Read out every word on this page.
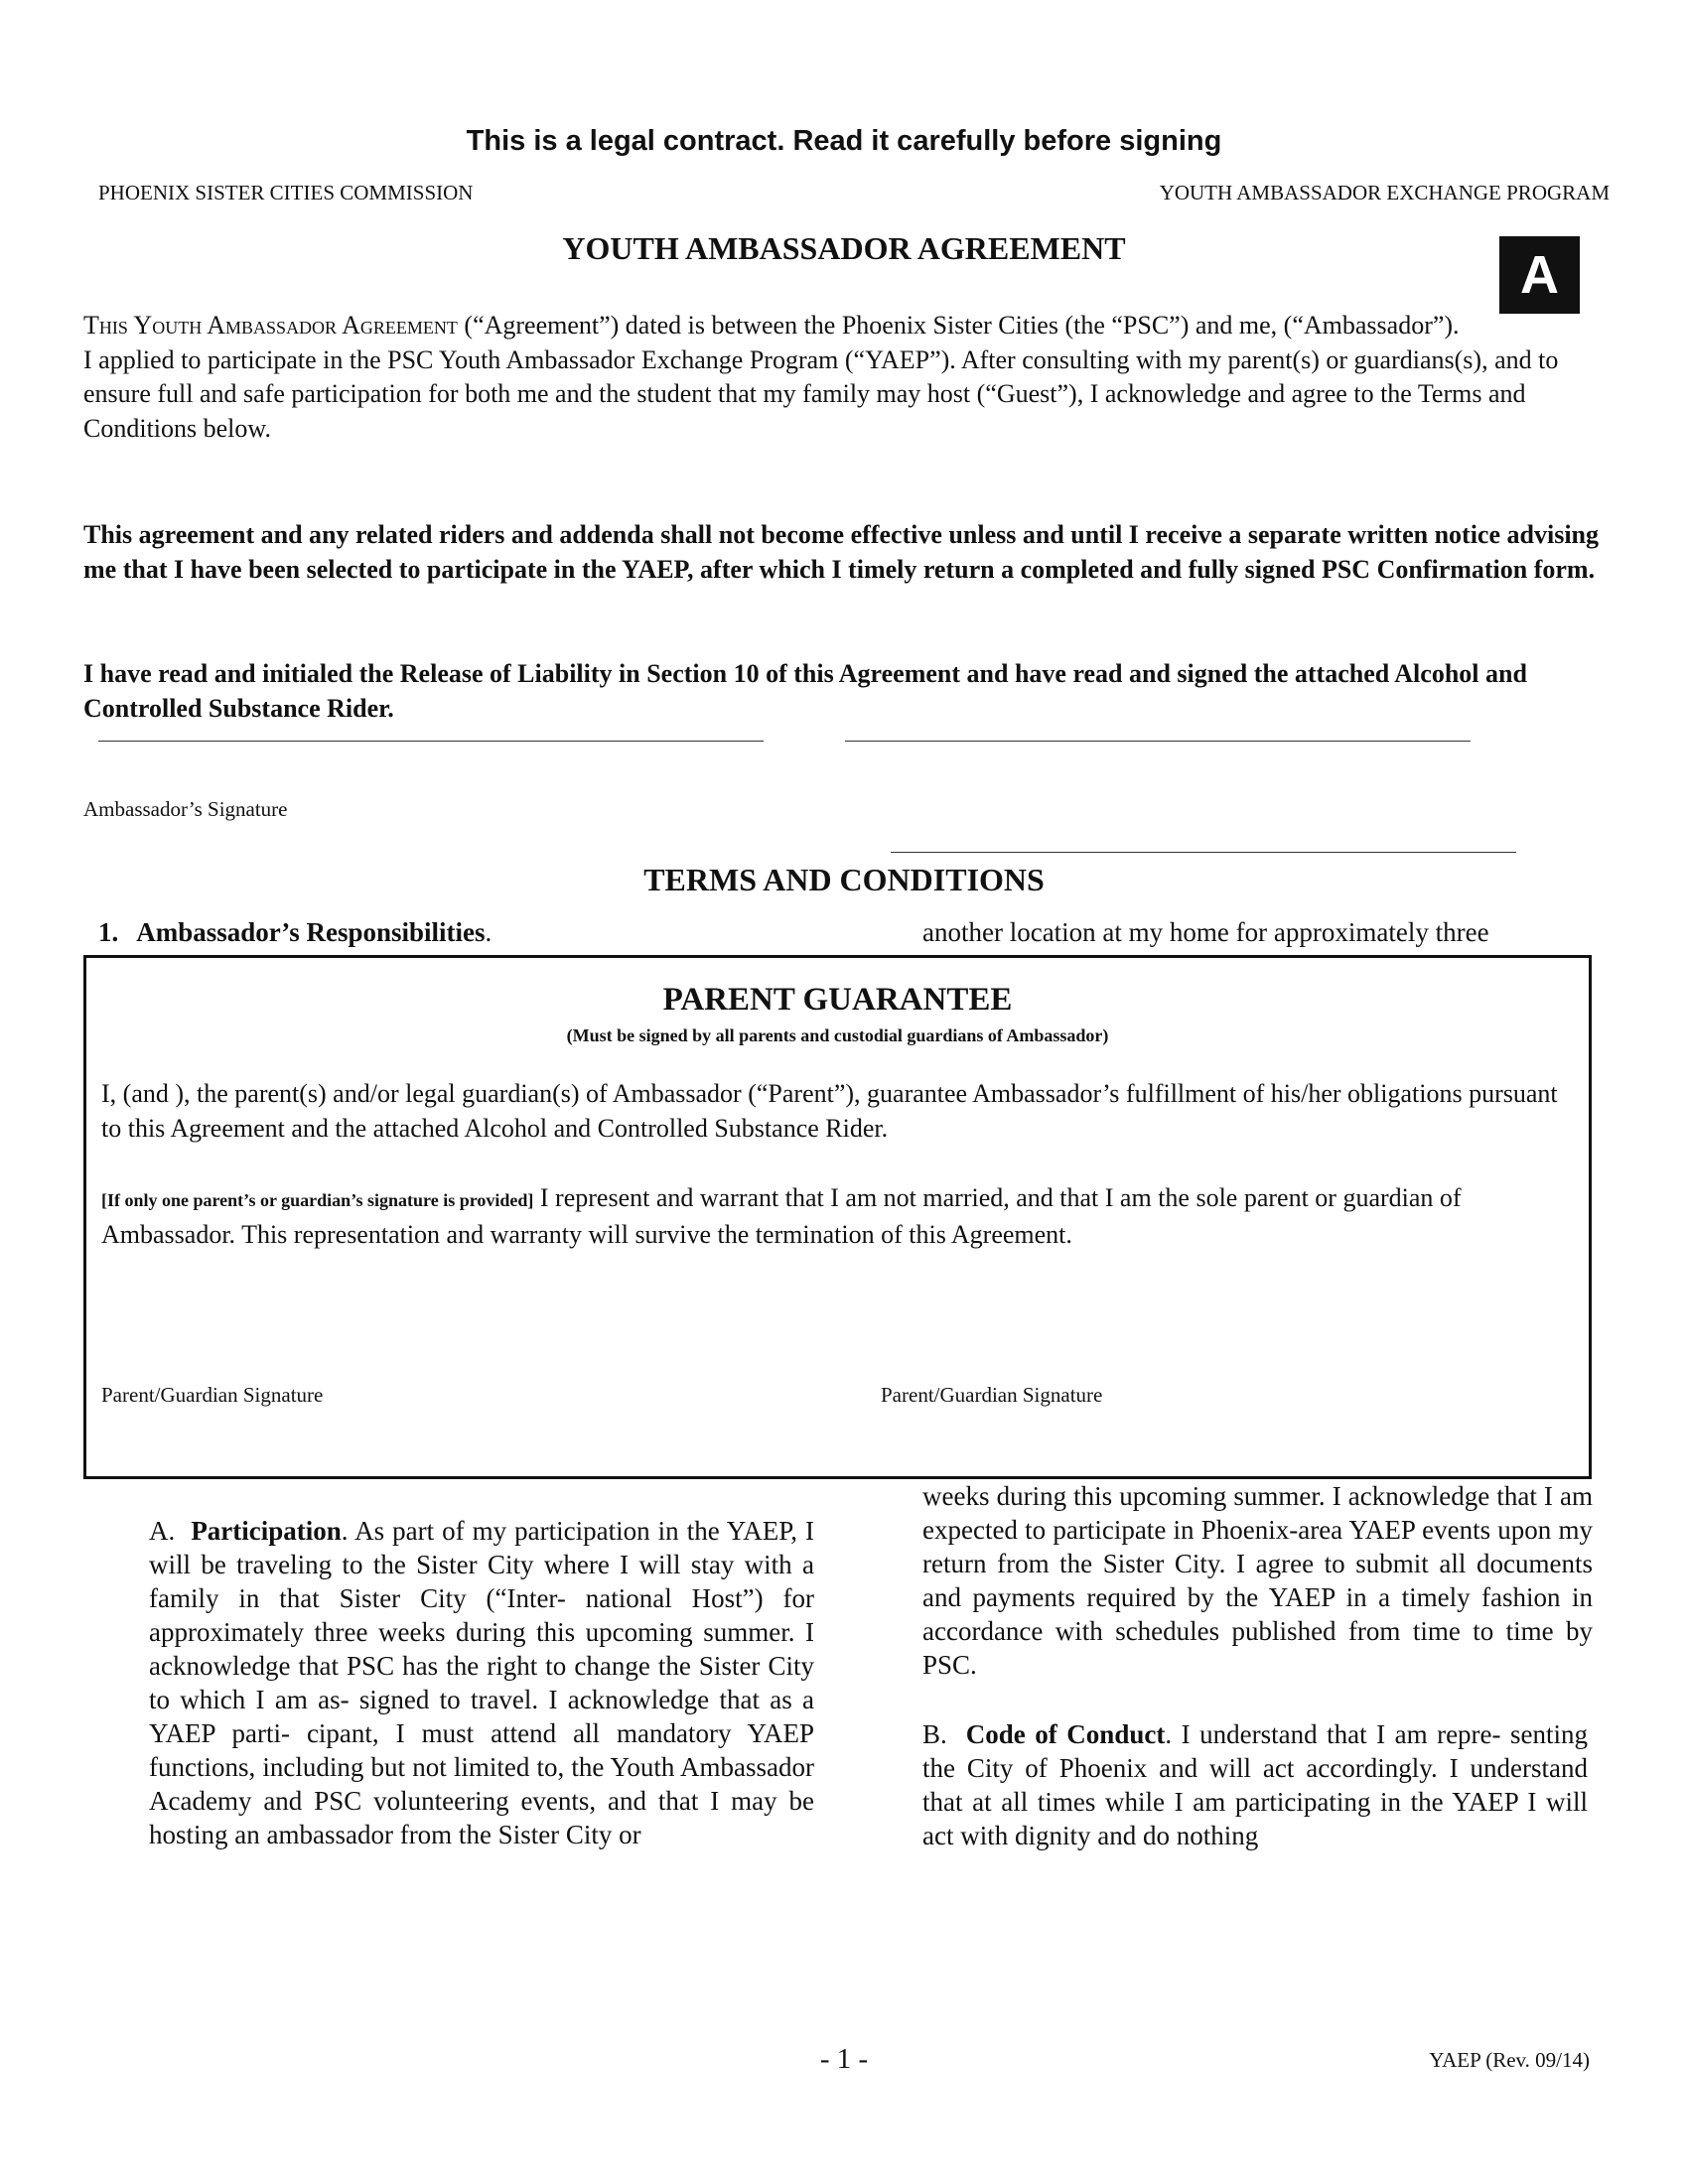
This is a legal contract. Read it carefully before signing
PHOENIX SISTER CITIES COMMISSION	YOUTH AMBASSADOR EXCHANGE PROGRAM
YOUTH AMBASSADOR AGREEMENT	A

This Youth Ambassador Agreement (“Agreement”) dated is between the Phoenix Sister Cities (the “PSC”) and me, (“Ambassador”).

I applied to participate in the PSC Youth Ambassador Exchange Program (“YAEP”). After consulting with my parent(s) or guardians(s), and to ensure full and safe participation for both me and the student that my family may host (“Guest”), I acknowledge and agree to the Terms and Conditions below.

This agreement and any related riders and addenda shall not become effective unless and until I receive a separate written notice advising me that I have been selected to participate in the YAEP, after which I timely return a completed and fully signed PSC Confirmation form.
I have read and initialed the Release of Liability in Section 10 of this Agreement and have read and signed the attached Alcohol and Controlled Substance Rider.
Ambassador’s Signature
TERMS AND CONDITIONS
1. Ambassador’s Responsibilities.	another location at my home for approximately three
PARENT GUARANTEE
(Must be signed by all parents and custodial guardians of Ambassador)
I, (and ), the parent(s) and/or legal guardian(s) of Ambassador (“Parent”), guarantee Ambassador’s fulfillment of his/her obligations pursuant to this Agreement and the attached Alcohol and Controlled Substance Rider.
[If only one parent’s or guardian’s signature is provided] I represent and warrant that I am not married, and that I am the sole parent or guardian of Ambassador. This representation and warranty will survive the termination of this Agreement.
Parent/Guardian Signature	Parent/Guardian Signature

A. Participation. As part of my participation in the YAEP, I will be traveling to the Sister City where I will stay with a family in that Sister City (“Inter- national Host”) for approximately three weeks during this upcoming summer. I acknowledge that PSC has the right to change the Sister City to which I am as- signed to travel. I acknowledge that as a YAEP parti- cipant, I must attend all mandatory YAEP functions, including but not limited to, the Youth Ambassador Academy and PSC volunteering events, and that I may be hosting an ambassador from the Sister City or

weeks during this upcoming summer. I acknowledge that I am expected to participate in Phoenix-area YAEP events upon my return from the Sister City. I agree to submit all documents and payments required by the YAEP in a timely fashion in accordance with schedules published from time to time by PSC.

B. Code of Conduct. I understand that I am repre- senting the City of Phoenix and will act accordingly. I understand that at all times while I am participating in the YAEP I will act with dignity and do nothing

- 1 -	YAEP (Rev. 09/14)
